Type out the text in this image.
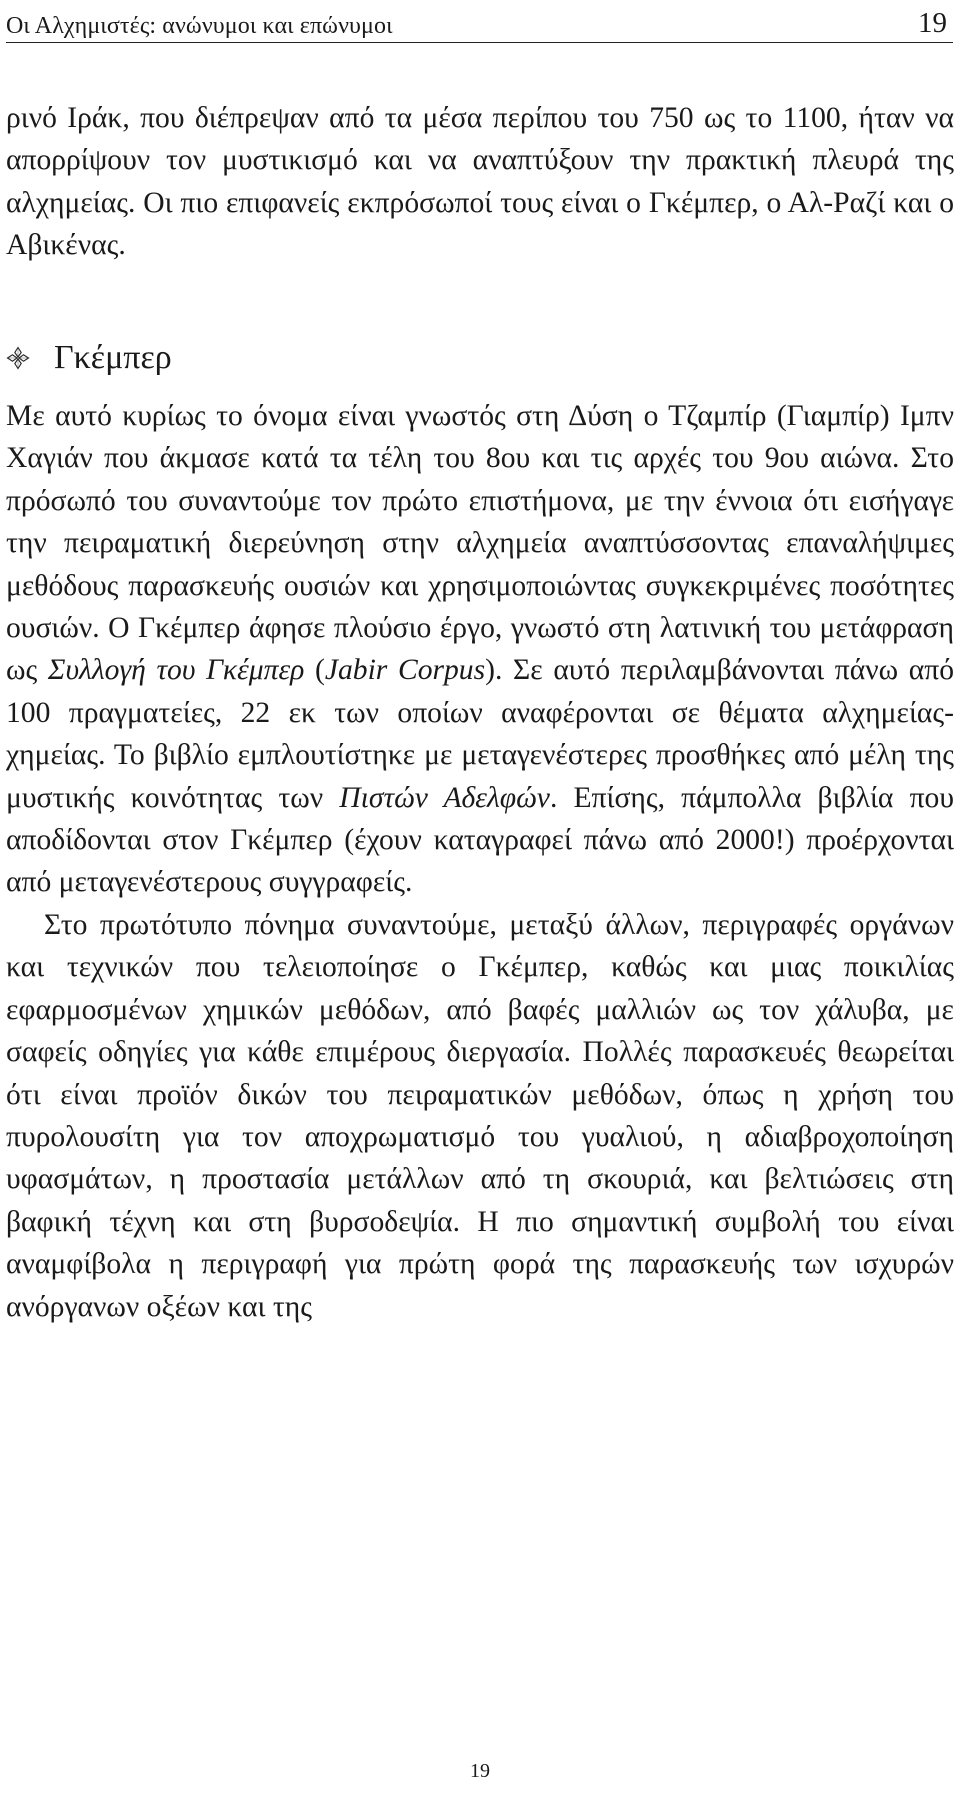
Οι Αλχημιστές: ανώνυμοι και επώνυμοι	19

ρινό Ιράκ, που διέπρεψαν από τα μέσα περίπου του 750 ως το 1100, ήταν να απορρίψουν τον μυστικισμό και να αναπτύξουν την πρακτική πλευρά της αλχημείας. Οι πιο επιφανείς εκπρόσωποί τους είναι ο Γκέμπερ, ο Αλ-Ραζί και ο Αβικένας.

Γκέμπερ

Με αυτό κυρίως το όνομα είναι γνωστός στη Δύση ο Τζαμπίρ (Γιαμπίρ) Ιμπν Χαγιάν που άκμασε κατά τα τέλη του 8ου και τις αρχές του 9ου αιώνα. Στο πρόσωπό του συναντούμε τον πρώτο επιστήμονα, με την έννοια ότι εισήγαγε την πειραματική διερεύνηση στην αλχημεία αναπτύσσοντας επαναλήψιμες μεθόδους παρασκευής ουσιών και χρησιμοποιώντας συγκεκριμένες ποσότητες ουσιών. Ο Γκέμπερ άφησε πλούσιο έργο, γνωστό στη λατινική του μετάφραση ως Συλλογή του Γκέμπερ (Jabir Corpus). Σε αυτό περιλαμβάνονται πάνω από 100 πραγματείες, 22 εκ των οποίων αναφέρονται σε θέματα αλχημείας-χημείας. Το βιβλίο εμπλουτίστηκε με μεταγενέστερες προσθήκες από μέλη της μυστικής κοινότητας των Πιστών Αδελφών. Επίσης, πάμπολλα βιβλία που αποδίδονται στον Γκέμπερ (έχουν καταγραφεί πάνω από 2000!) προέρχονται από μεταγενέστερους συγγραφείς.

Στο πρωτότυπο πόνημα συναντούμε, μεταξύ άλλων, περιγραφές οργάνων και τεχνικών που τελειοποίησε ο Γκέμπερ, καθώς και μιας ποικιλίας εφαρμοσμένων χημικών μεθόδων, από βαφές μαλλιών ως τον χάλυβα, με σαφείς οδηγίες για κάθε επιμέρους διεργασία. Πολλές παρασκευές θεωρείται ότι είναι προϊόν δικών του πειραματικών μεθόδων, όπως η χρήση του πυρολουσίτη για τον αποχρωματισμό του γυαλιού, η αδιαβροχοποίηση υφασμάτων, η προστασία μετάλλων από τη σκουριά, και βελτιώσεις στη βαφική τέχνη και στη βυρσοδεψία. Η πιο σημαντική συμβολή του είναι αναμφίβολα η περιγραφή για πρώτη φορά της παρασκευής των ισχυρών ανόργανων οξέων και της

19
